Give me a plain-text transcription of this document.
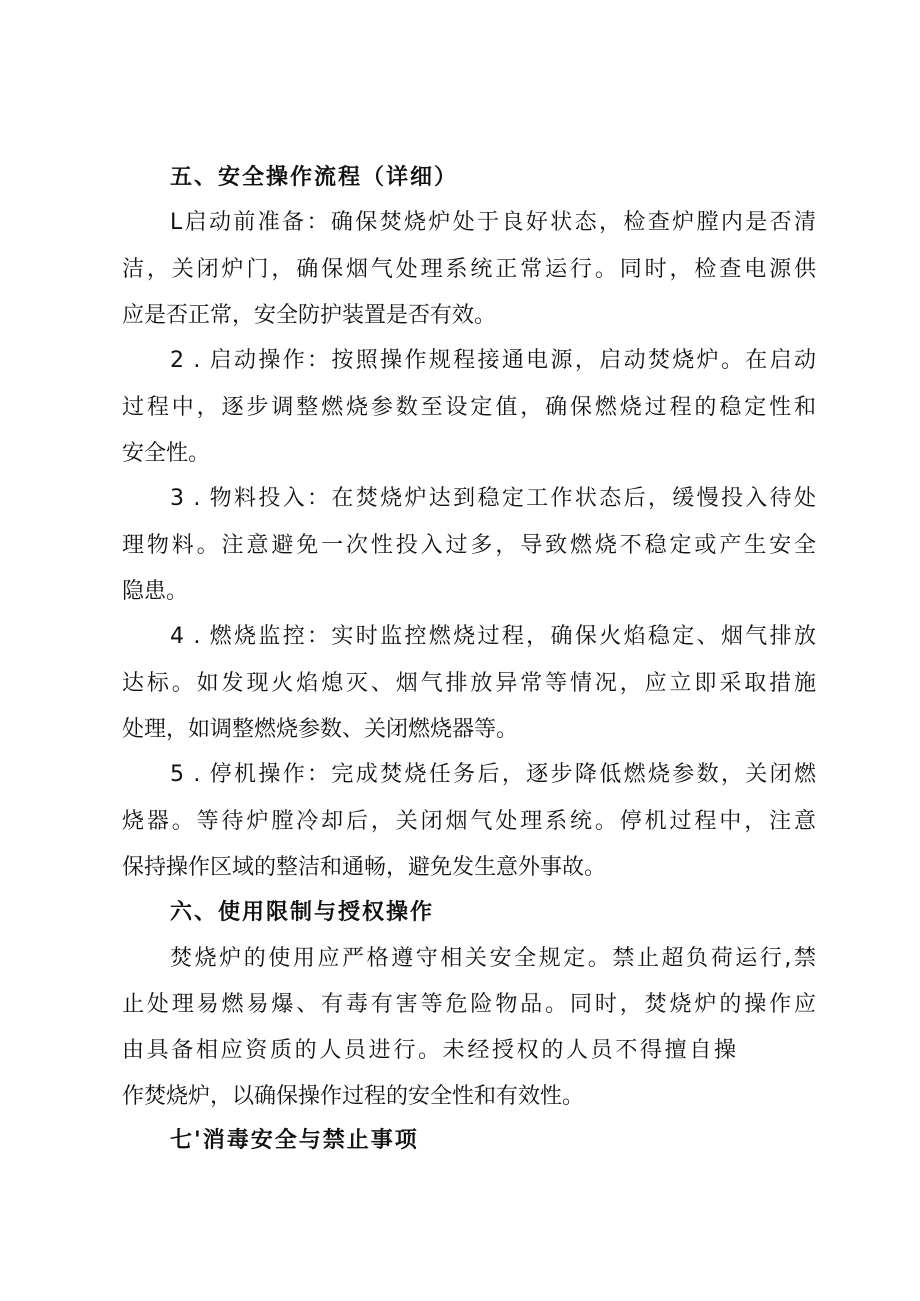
五、安全操作流程（详细）
L启动前准备：确保焚烧炉处于良好状态，检查炉膛内是否清
洁，关闭炉门，确保烟气处理系统正常运行。同时，检查电源供
应是否正常，安全防护装置是否有效。
2 . 启动操作：按照操作规程接通电源，启动焚烧炉。在启动
过程中，逐步调整燃烧参数至设定值，确保燃烧过程的稳定性和
安全性。
3 . 物料投入：在焚烧炉达到稳定工作状态后，缓慢投入待处
理物料。注意避免一次性投入过多，导致燃烧不稳定或产生安全
隐患。
4 . 燃烧监控：实时监控燃烧过程，确保火焰稳定、烟气排放
达标。如发现火焰熄灭、烟气排放异常等情况，应立即采取措施
处理，如调整燃烧参数、关闭燃烧器等。
5 . 停机操作：完成焚烧任务后，逐步降低燃烧参数，关闭燃
烧器。等待炉膛冷却后，关闭烟气处理系统。停机过程中，注意
保持操作区域的整洁和通畅，避免发生意外事故。
六、使用限制与授权操作
焚烧炉的使用应严格遵守相关安全规定。禁止超负荷运行,禁
止处理易燃易爆、有毒有害等危险物品。同时，焚烧炉的操作应
由具备相应资质的人员进行。未经授权的人员不得擅自操
作焚烧炉，以确保操作过程的安全性和有效性。
七'消毒安全与禁止事项
